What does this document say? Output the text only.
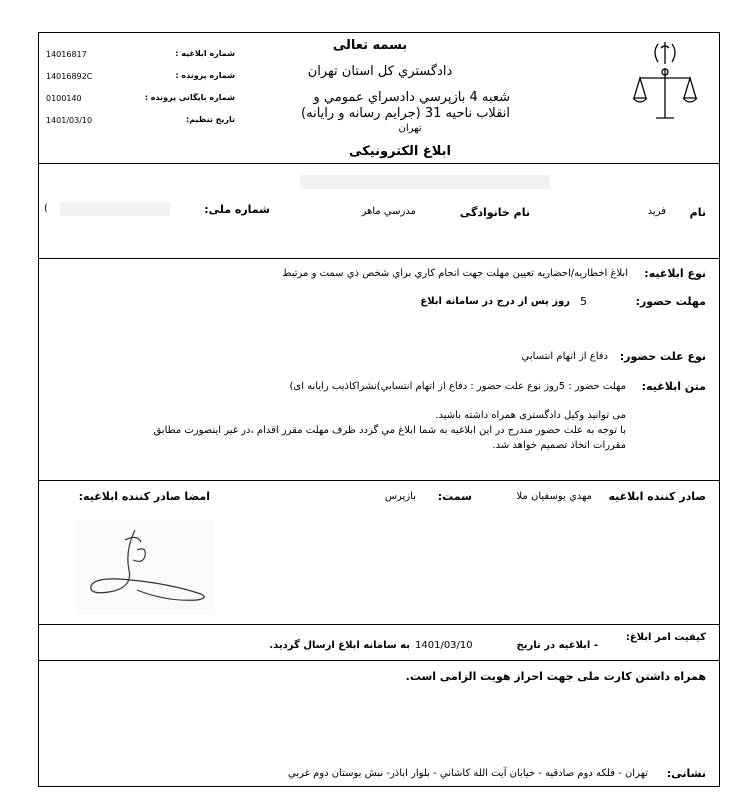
بسمه تعالی
دادگستري کل استان تهران
شعبه 4 بازپرسي دادسراي عمومي و
انقلاب ناحيه 31 (جرایم رسانه و رایانه)
تهران
ابلاغ الکترونیکی
14016817	شماره ابلاغیه :
14016892C	شماره پرونده :
0100140	شماره بایگانی پرونده :
1401/03/10	تاریخ تنظیم:
نام
فريد
نام خانوادگی
مدرسي ماهر
شماره ملی:
(
نوع ابلاغیه:
ابلاغ اخطاريه/احضاريه تعيين مهلت جهت انجام كاري براي شخص ذي سمت و مرتبط
مهلت حضور:
5
روز پس از درج در سامانه ابلاغ
نوع علت حضور:
دفاع از اتهام انتسابي
متن ابلاغیه:
مهلت حضور : 5روز نوع علت حضور : دفاع از اتهام انتسابي)نشراکاذیب رایانه ای)
می توانید وکیل دادگستری همراه داشته باشید.
با توجه به علت حضور مندرج در اين ابلاغيه به شما ابلاغ مي گردد ظرف مهلت مقرر اقدام ،در غير اينصورت مطابق
مقررات اتخاذ تصميم خواهد شد.
صادر کننده ابلاغیه
مهدي يوسفيان ملا
سمت:
بازپرس
امضا صادر کننده ابلاغیه:
کیفیت امر ابلاغ:
- ابلاغیه در تاریخ
1401/03/10
به سامانه ابلاغ ارسال گردید.
همراه داشتن کارت ملی جهت احراز هویت الزامی است.
نشانی:
تهران - فلکه دوم صادقيه - خيابان آيت الله کاشاني - بلوار اباذر- نبش بوستان دوم غربي
